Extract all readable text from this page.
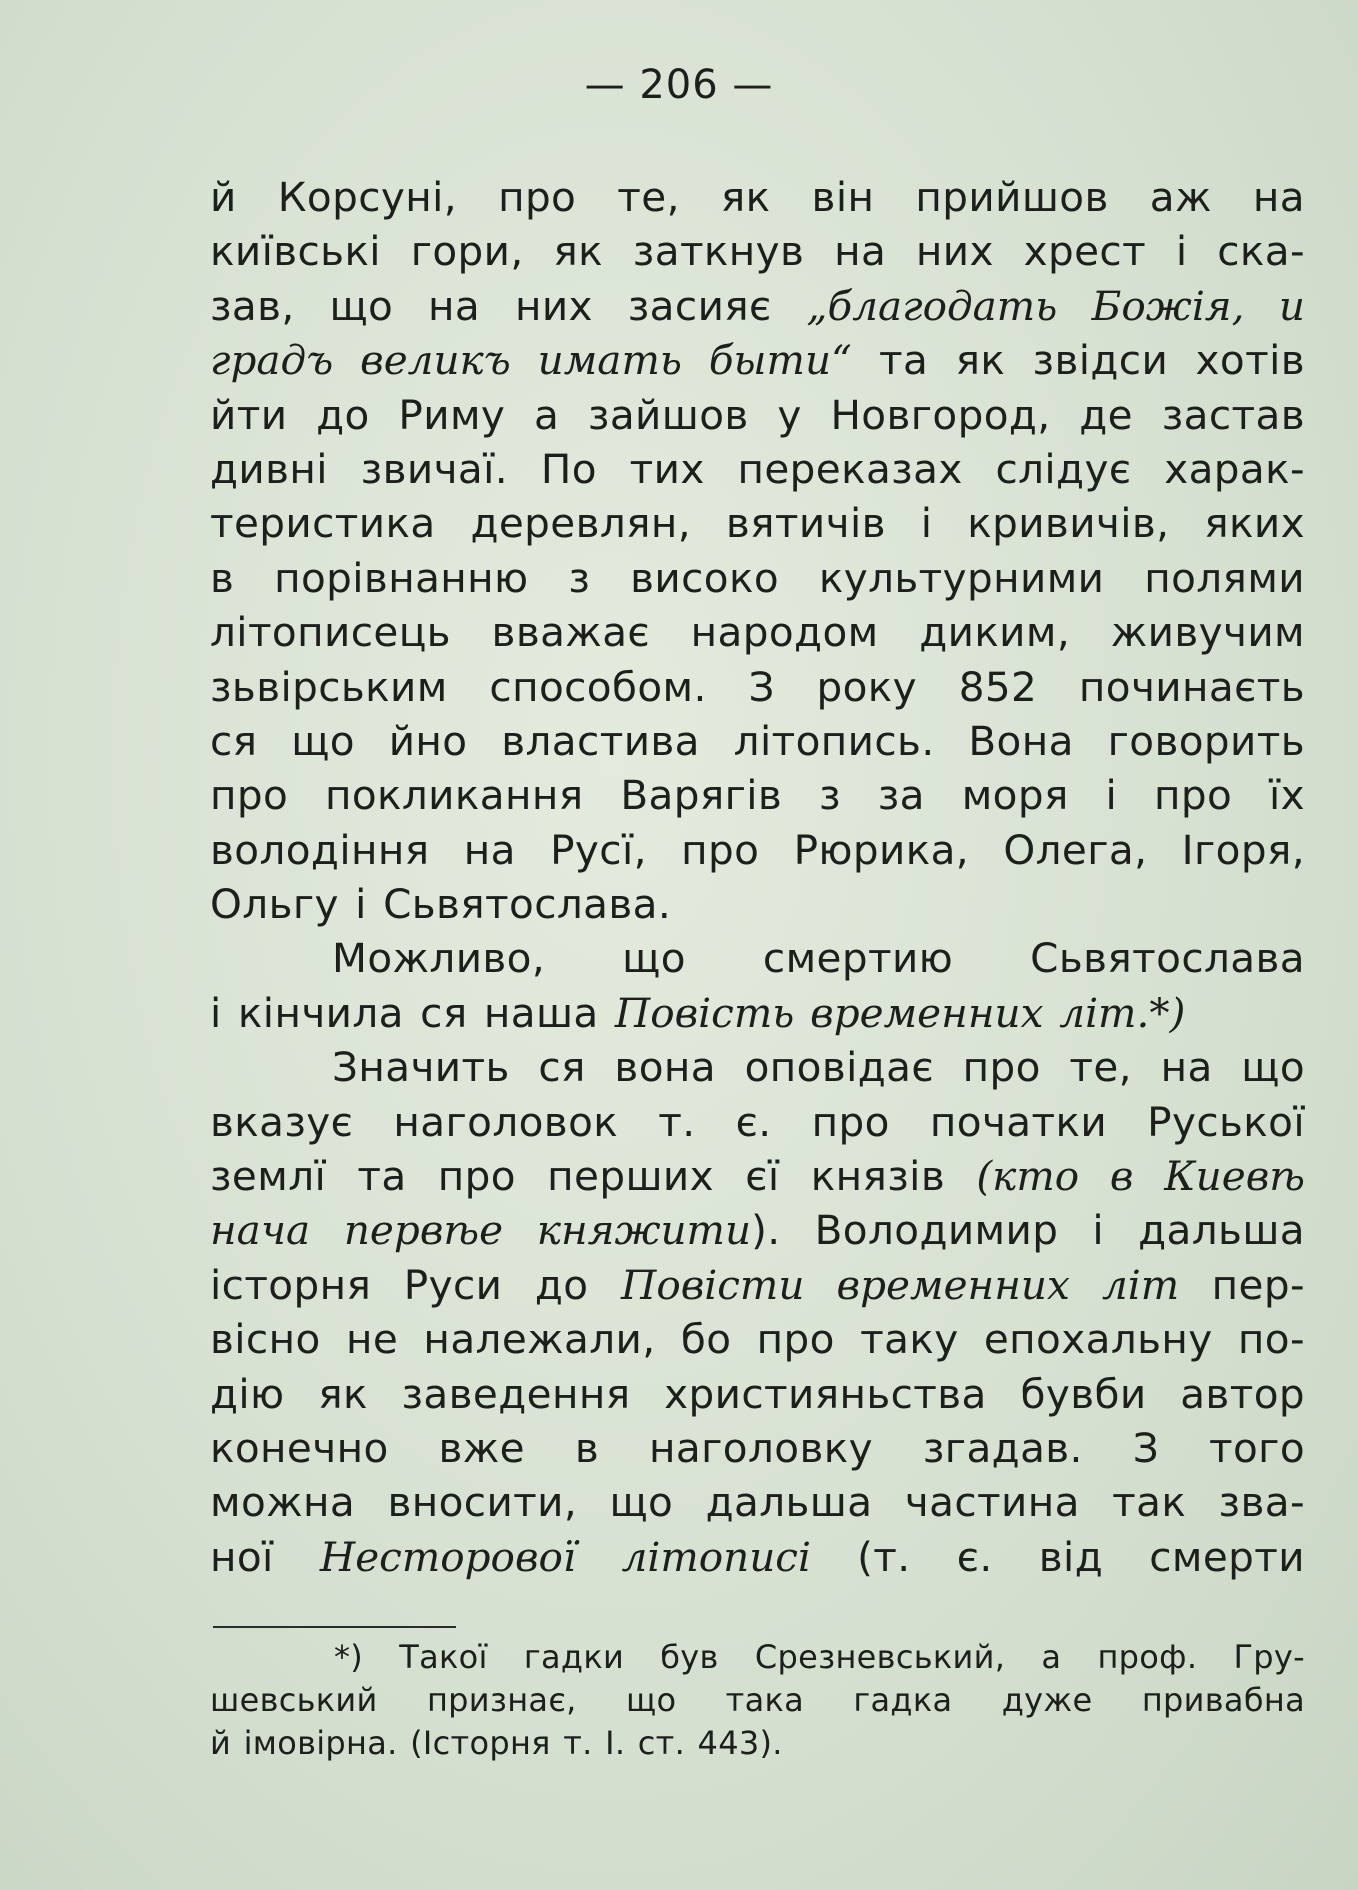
— 206 —
й Корсуні, про те, як він прийшов аж на
київські гори, як заткнув на них хрест і ска-
зав, що на них засияє „благодать Божія, и
градъ великъ имать быти“ та як звідси хотів
йти до Риму а зайшов у Новгород, де застав
дивні звичаї. По тих переказах слідує харак-
теристика деревлян, вятичів і кривичів, яких
в порівнанню з високо культурними полями
літописець вважає народом диким, живучим
зьвірським способом. З року 852 починаєть
ся що йно властива літопись. Вона говорить
про покликання Варягів з за моря і про їх
володіння на Русї, про Рюрика, Олега, Ігоря,
Ольгу і Сьвятослава.
Можливо, що смертию Сьвятослава
і кінчила ся наша Повість временних літ.*)
Значить ся вона оповідає про те, на що
вказує наголовок т. є. про початки Руської
землї та про перших єї князів (кто в Киевѣ
нача первѣе княжити). Володимир і дальша
історня Руси до Повісти временних літ пер-
вісно не належали, бо про таку епохальну по-
дію як заведення християньства бувби автор
конечно вже в наголовку згадав. З того
можна вносити, що дальша частина так зва-
ної Несторової літописі (т. є. від смерти
*) Такої гадки був Срезневський, а проф. Гру-
шевський признає, що така гадка дуже привабна
й імовірна. (Історня т. І. ст. 443).
